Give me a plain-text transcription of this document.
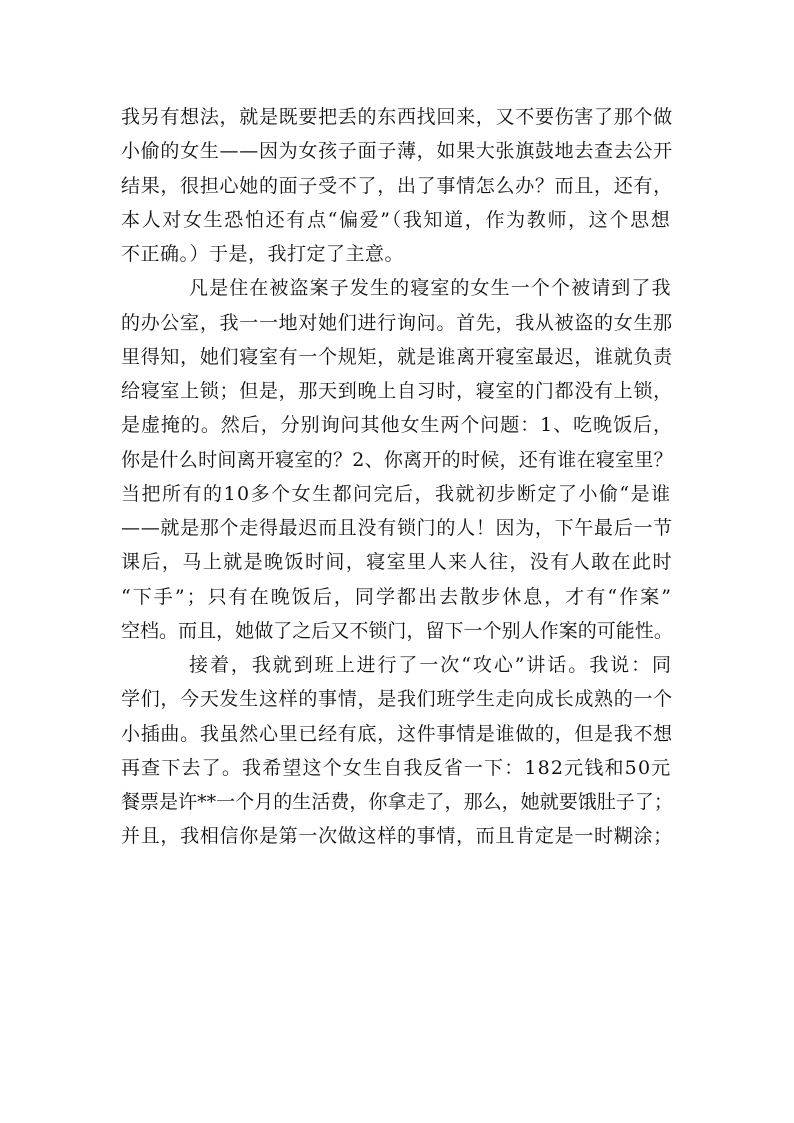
我另有想法，就是既要把丢的东西找回来，又不要伤害了那个做
小偷的女生——因为女孩子面子薄，如果大张旗鼓地去查去公开
结果，很担心她的面子受不了，出了事情怎么办？而且，还有，
本人对女生恐怕还有点“偏爱”（我知道，作为教师，这个思想
不正确。）于是，我打定了主意。
凡是住在被盗案子发生的寝室的女生一个个被请到了我
的办公室，我一一地对她们进行询问。首先，我从被盗的女生那
里得知，她们寝室有一个规矩，就是谁离开寝室最迟，谁就负责
给寝室上锁；但是，那天到晚上自习时，寝室的门都没有上锁，
是虚掩的。然后，分别询问其他女生两个问题：1、吃晚饭后，
你是什么时间离开寝室的？2、你离开的时候，还有谁在寝室里？
当把所有的10多个女生都问完后，我就初步断定了小偷“是谁
——就是那个走得最迟而且没有锁门的人！因为，下午最后一节
课后，马上就是晚饭时间，寝室里人来人往，没有人敢在此时
“下手”；只有在晚饭后，同学都出去散步休息，才有“作案”
空档。而且，她做了之后又不锁门，留下一个别人作案的可能性。
接着，我就到班上进行了一次“攻心”讲话。我说：同
学们，今天发生这样的事情，是我们班学生走向成长成熟的一个
小插曲。我虽然心里已经有底，这件事情是谁做的，但是我不想
再查下去了。我希望这个女生自我反省一下：182元钱和50元
餐票是许**一个月的生活费，你拿走了，那么，她就要饿肚子了；
并且，我相信你是第一次做这样的事情，而且肯定是一时糊涂；
